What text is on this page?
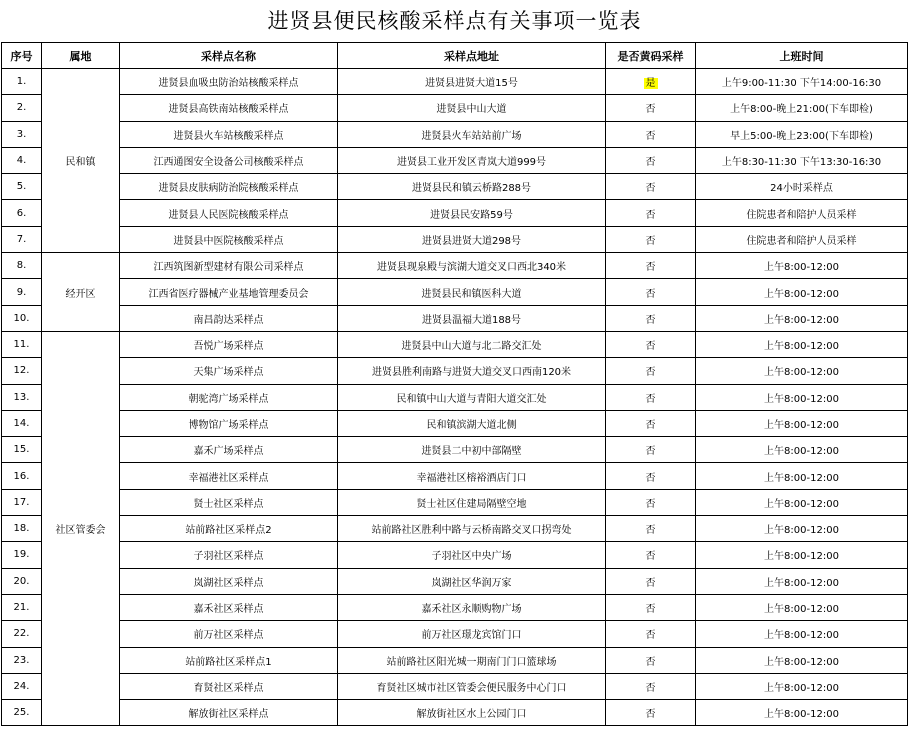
进贤县便民核酸采样点有关事项一览表
序号	属地	采样点名称	采样点地址	是否黄码采样	上班时间
1.	民和镇	进贤县血吸虫防治站核酸采样点	进贤县进贤大道15号	是	上午9:00-11:30 下午14:00-16:30
2.		进贤县高铁南站核酸采样点	进贤县中山大道	否	上午8:00-晚上21:00(下车即检)
3.		进贤县火车站核酸采样点	进贤县火车站站前广场	否	早上5:00-晚上23:00(下车即检)
4.		江西通图安全设备公司核酸采样点	进贤县工业开发区青岚大道999号	否	上午8:30-11:30 下午13:30-16:30
5.		进贤县皮肤病防治院核酸采样点	进贤县民和镇云桥路288号	否	24小时采样点
6.		进贤县人民医院核酸采样点	进贤县民安路59号	否	住院患者和陪护人员采样
7.		进贤县中医院核酸采样点	进贤县进贤大道298号	否	住院患者和陪护人员采样
8.	经开区	江西筑图新型建材有限公司采样点	进贤县现泉殿与滨湖大道交叉口西北340米	否	上午8:00-12:00
9.		江西省医疗器械产业基地管理委员会	进贤县民和镇医科大道	否	上午8:00-12:00
10.		南昌韵达采样点	进贤县温福大道188号	否	上午8:00-12:00
11.	社区管委会	吾悦广场采样点	进贤县中山大道与北二路交汇处	否	上午8:00-12:00
12.		天集广场采样点	进贤县胜利南路与进贤大道交叉口西南120米	否	上午8:00-12:00
13.		朝驼湾广场采样点	民和镇中山大道与青阳大道交汇处	否	上午8:00-12:00
14.		博物馆广场采样点	民和镇滨湖大道北侧	否	上午8:00-12:00
15.		嘉禾广场采样点	进贤县二中初中部隔壁	否	上午8:00-12:00
16.		幸福港社区采样点	幸福港社区榕裕酒店门口	否	上午8:00-12:00
17.		贤士社区采样点	贤士社区住建局隔壁空地	否	上午8:00-12:00
18.		站前路社区采样点2	站前路社区胜利中路与云桥南路交叉口拐弯处	否	上午8:00-12:00
19.		子羽社区采样点	子羽社区中央广场	否	上午8:00-12:00
20.		岚湖社区采样点	岚湖社区华润万家	否	上午8:00-12:00
21.		嘉禾社区采样点	嘉禾社区永顺购物广场	否	上午8:00-12:00
22.		前万社区采样点	前万社区璟龙宾馆门口	否	上午8:00-12:00
23.		站前路社区采样点1	站前路社区阳光城一期南门门口篮球场	否	上午8:00-12:00
24.		育贤社区采样点	育贤社区城市社区管委会便民服务中心门口	否	上午8:00-12:00
25.		解放街社区采样点	解放街社区水上公园门口	否	上午8:00-12:00
